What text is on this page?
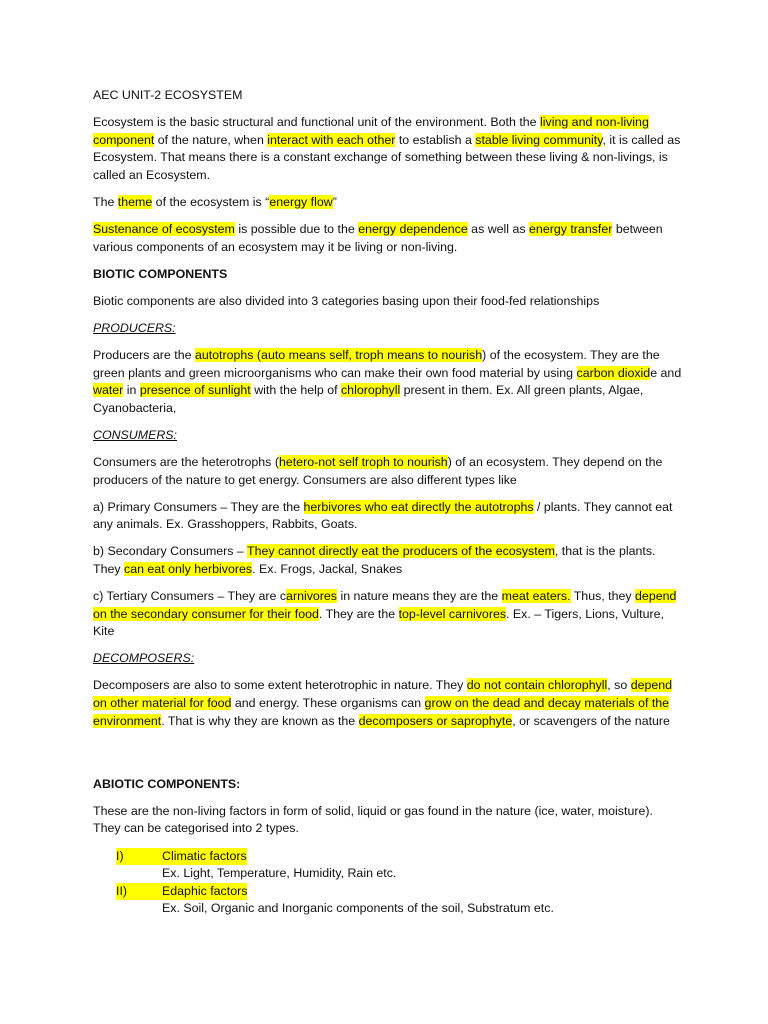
AEC UNIT-2 ECOSYSTEM

Ecosystem is the basic structural and functional unit of the environment. Both the living and non-living component of the nature, when interact with each other to establish a stable living community, it is called as Ecosystem. That means there is a constant exchange of something between these living & non-livings, is called an Ecosystem.

The theme of the ecosystem is “energy flow”

Sustenance of ecosystem is possible due to the energy dependence as well as energy transfer between various components of an ecosystem may it be living or non-living.

BIOTIC COMPONENTS

Biotic components are also divided into 3 categories basing upon their food-fed relationships

PRODUCERS:

Producers are the autotrophs (auto means self, troph means to nourish) of the ecosystem. They are the green plants and green microorganisms who can make their own food material by using carbon dioxide and water in presence of sunlight with the help of chlorophyll present in them. Ex. All green plants, Algae, Cyanobacteria,

CONSUMERS:

Consumers are the heterotrophs (hetero-not self troph to nourish) of an ecosystem. They depend on the producers of the nature to get energy. Consumers are also different types like

a) Primary Consumers – They are the herbivores who eat directly the autotrophs / plants. They cannot eat any animals. Ex. Grasshoppers, Rabbits, Goats.

b) Secondary Consumers – They cannot directly eat the producers of the ecosystem, that is the plants. They can eat only herbivores. Ex. Frogs, Jackal, Snakes

c) Tertiary Consumers – They are carnivores in nature means they are the meat eaters. Thus, they depend on the secondary consumer for their food. They are the top-level carnivores. Ex. – Tigers, Lions, Vulture, Kite

DECOMPOSERS:

Decomposers are also to some extent heterotrophic in nature. They do not contain chlorophyll, so depend on other material for food and energy. These organisms can grow on the dead and decay materials of the environment. That is why they are known as the decomposers or saprophyte, or scavengers of the nature

ABIOTIC COMPONENTS:

These are the non-living factors in form of solid, liquid or gas found in the nature (ice, water, moisture). They can be categorised into 2 types.

I)	Climatic factors
Ex. Light, Temperature, Humidity, Rain etc.
II)	Edaphic factors
Ex. Soil, Organic and Inorganic components of the soil, Substratum etc.
